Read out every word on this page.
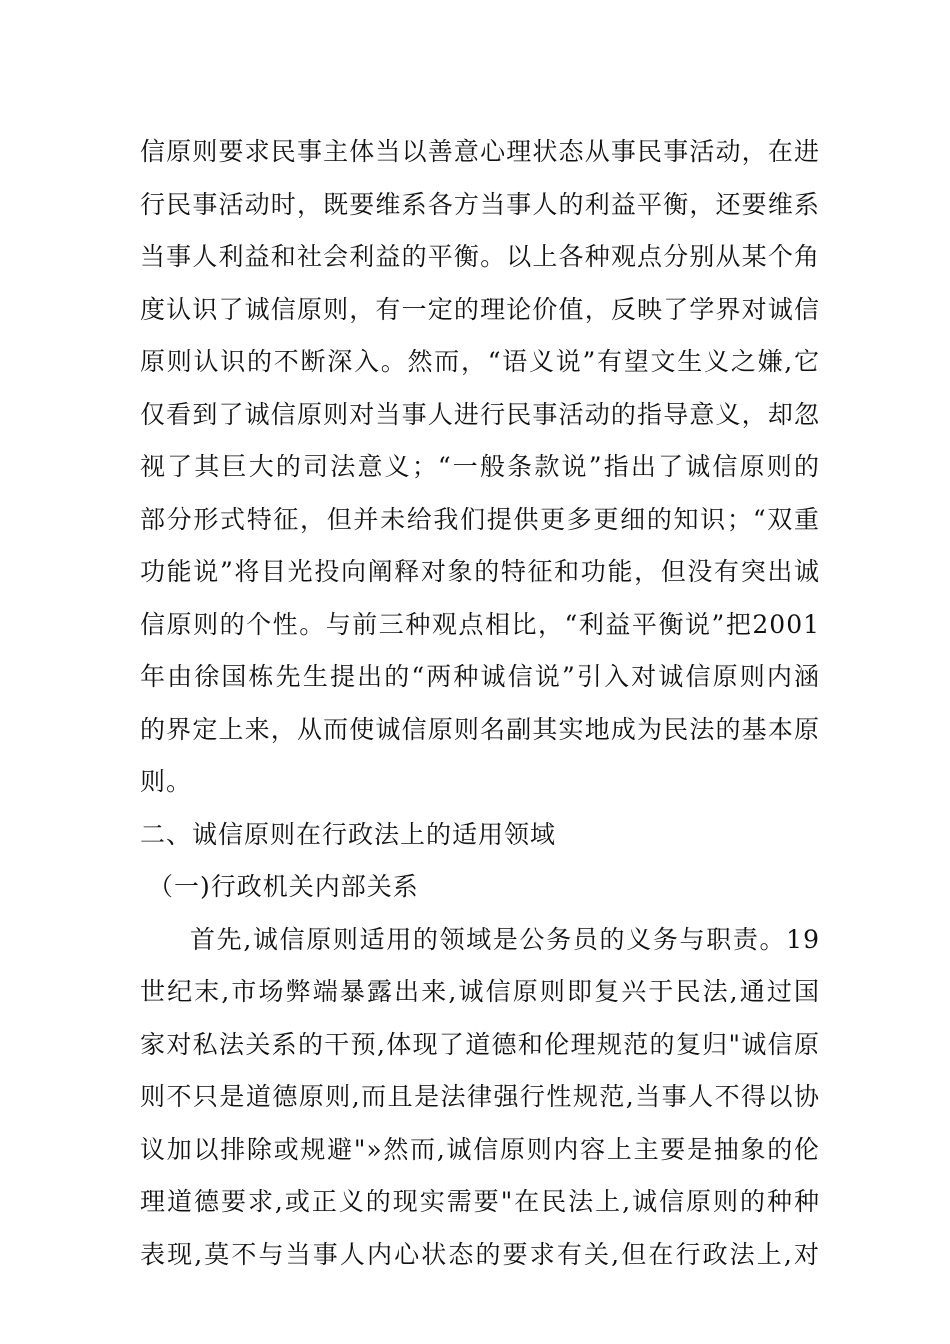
信原则要求民事主体当以善意心理状态从事民事活动，在进
行民事活动时，既要维系各方当事人的利益平衡，还要维系
当事人利益和社会利益的平衡。以上各种观点分别从某个角
度认识了诚信原则，有一定的理论价值，反映了学界对诚信
原则认识的不断深入。然而，“语义说”有望文生义之嫌,它
仅看到了诚信原则对当事人进行民事活动的指导意义，却忽
视了其巨大的司法意义；“一般条款说”指出了诚信原则的
部分形式特征，但并未给我们提供更多更细的知识；“双重
功能说”将目光投向阐释对象的特征和功能，但没有突出诚
信原则的个性。与前三种观点相比，“利益平衡说”把2001
年由徐国栋先生提出的“两种诚信说”引入对诚信原则内涵
的界定上来，从而使诚信原则名副其实地成为民法的基本原
则。
二、诚信原则在行政法上的适用领域
（一)行政机关内部关系
首先,诚信原则适用的领域是公务员的义务与职责。19
世纪末,市场弊端暴露出来,诚信原则即复兴于民法,通过国
家对私法关系的干预,体现了道德和伦理规范的复归"诚信原
则不只是道德原则,而且是法律强行性规范,当事人不得以协
议加以排除或规避"»然而,诚信原则内容上主要是抽象的伦
理道德要求,或正义的现实需要"在民法上,诚信原则的种种
表现,莫不与当事人内心状态的要求有关,但在行政法上,对
